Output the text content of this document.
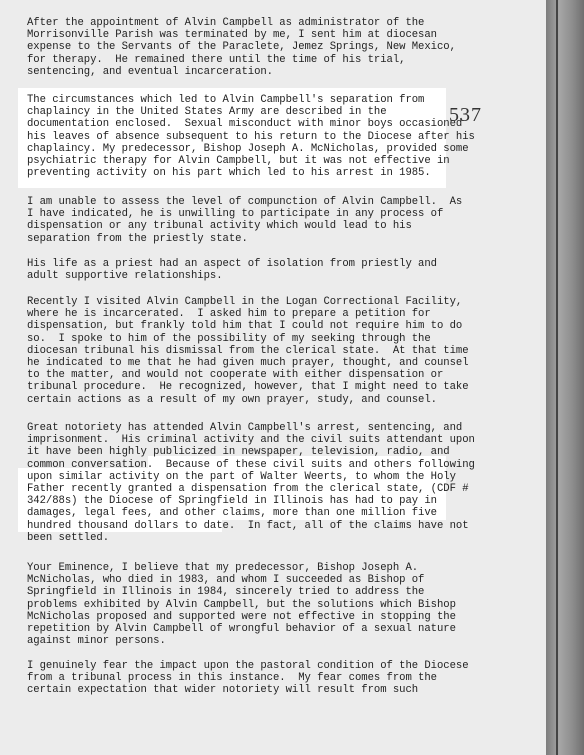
After the appointment of Alvin Campbell as administrator of the
Morrisonville Parish was terminated by me, I sent him at diocesan
expense to the Servants of the Paraclete, Jemez Springs, New Mexico,
for therapy.  He remained there until the time of his trial,
sentencing, and eventual incarceration.

The circumstances which led to Alvin Campbell's separation from
chaplaincy in the United States Army are described in the
documentation enclosed.  Sexual misconduct with minor boys occasioned
his leaves of absence subsequent to his return to the Diocese after his
chaplaincy. My predecessor, Bishop Joseph A. McNicholas, provided some
psychiatric therapy for Alvin Campbell, but it was not effective in
preventing activity on his part which led to his arrest in 1985.

I am unable to assess the level of compunction of Alvin Campbell.  As
I have indicated, he is unwilling to participate in any process of
dispensation or any tribunal activity which would lead to his
separation from the priestly state.

His life as a priest had an aspect of isolation from priestly and
adult supportive relationships.

Recently I visited Alvin Campbell in the Logan Correctional Facility,
where he is incarcerated.  I asked him to prepare a petition for
dispensation, but frankly told him that I could not require him to do
so.  I spoke to him of the possibility of my seeking through the
diocesan tribunal his dismissal from the clerical state.  At that time
he indicated to me that he had given much prayer, thought, and counsel
to the matter, and would not cooperate with either dispensation or
tribunal procedure.  He recognized, however, that I might need to take
certain actions as a result of my own prayer, study, and counsel.

Great notoriety has attended Alvin Campbell's arrest, sentencing, and
imprisonment.  His criminal activity and the civil suits attendant upon
it have been highly publicized in newspaper, television, radio, and
common conversation.  Because of these civil suits and others following
upon similar activity on the part of Walter Weerts, to whom the Holy
Father recently granted a dispensation from the clerical state, (CDF #
342/88s) the Diocese of Springfield in Illinois has had to pay in
damages, legal fees, and other claims, more than one million five
hundred thousand dollars to date.  In fact, all of the claims have not
been settled.

Your Eminence, I believe that my predecessor, Bishop Joseph A.
McNicholas, who died in 1983, and whom I succeeded as Bishop of
Springfield in Illinois in 1984, sincerely tried to address the
problems exhibited by Alvin Campbell, but the solutions which Bishop
McNicholas proposed and supported were not effective in stopping the
repetition by Alvin Campbell of wrongful behavior of a sexual nature
against minor persons.

I genuinely fear the impact upon the pastoral condition of the Diocese
from a tribunal process in this instance.  My fear comes from the
certain expectation that wider notoriety will result from such

537
